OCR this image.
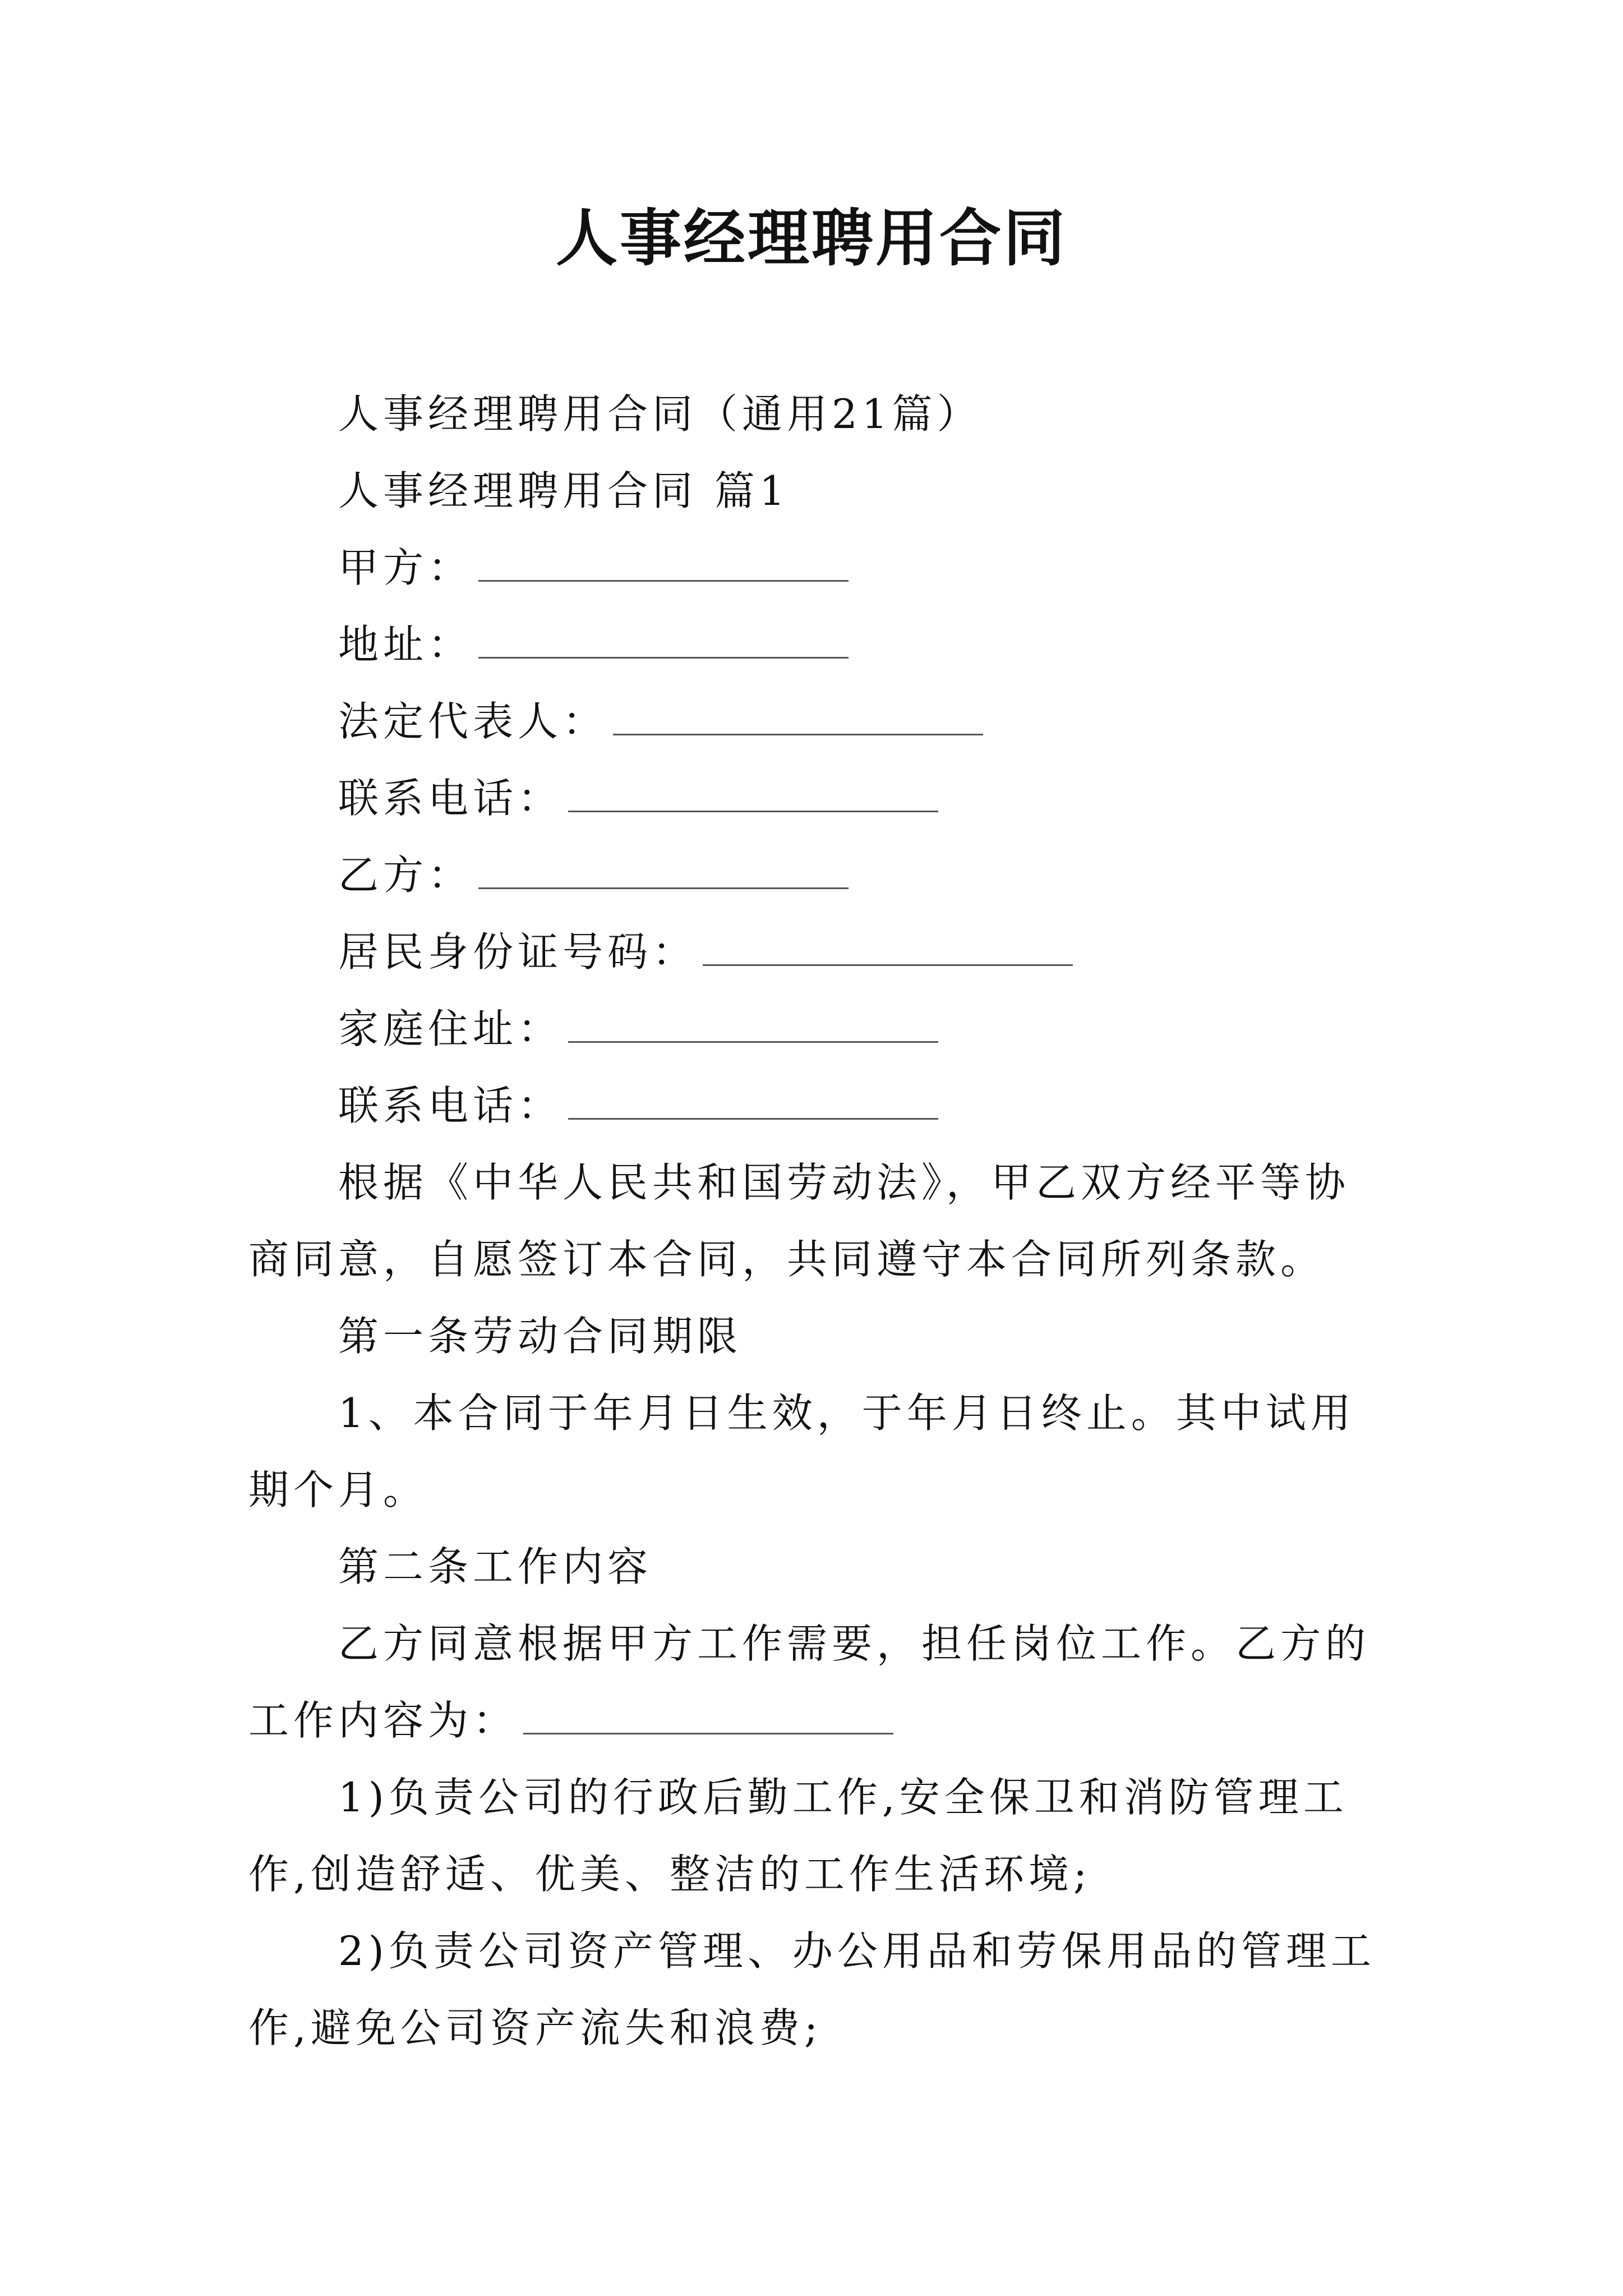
人事经理聘用合同

人事经理聘用合同（通用21篇）

人事经理聘用合同 篇1

甲方：

地址：

法定代表人：

联系电话：

乙方：

居民身份证号码：

家庭住址：

联系电话：

根据《中华人民共和国劳动法》，甲乙双方经平等协商同意，自愿签订本合同，共同遵守本合同所列条款。

第一条劳动合同期限

1、本合同于年月日生效，于年月日终止。其中试用期个月。

第二条工作内容

乙方同意根据甲方工作需要，担任岗位工作。乙方的工作内容为：

1)负责公司的行政后勤工作,安全保卫和消防管理工作,创造舒适、优美、整洁的工作生活环境;

2)负责公司资产管理、办公用品和劳保用品的管理工作,避免公司资产流失和浪费;
